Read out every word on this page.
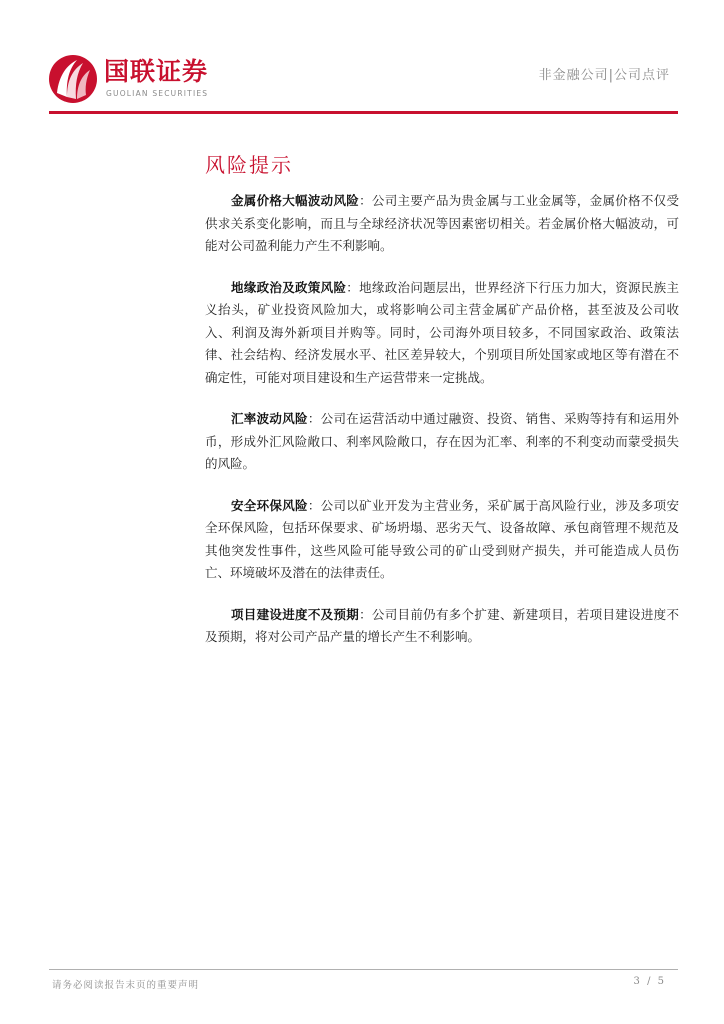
国联证券
GUOLIAN SECURITIES
非金融公司|公司点评
风险提示

金属价格大幅波动风险：公司主要产品为贵金属与工业金属等，金属价格不仅受供求关系变化影响，而且与全球经济状况等因素密切相关。若金属价格大幅波动，可能对公司盈利能力产生不利影响。

地缘政治及政策风险：地缘政治问题层出，世界经济下行压力加大，资源民族主义抬头，矿业投资风险加大，或将影响公司主营金属矿产品价格，甚至波及公司收入、利润及海外新项目并购等。同时，公司海外项目较多，不同国家政治、政策法律、社会结构、经济发展水平、社区差异较大，个别项目所处国家或地区等有潜在不确定性，可能对项目建设和生产运营带来一定挑战。

汇率波动风险：公司在运营活动中通过融资、投资、销售、采购等持有和运用外币，形成外汇风险敞口、利率风险敞口，存在因为汇率、利率的不利变动而蒙受损失的风险。

安全环保风险：公司以矿业开发为主营业务，采矿属于高风险行业，涉及多项安全环保风险，包括环保要求、矿场坍塌、恶劣天气、设备故障、承包商管理不规范及其他突发性事件，这些风险可能导致公司的矿山受到财产损失，并可能造成人员伤亡、环境破坏及潜在的法律责任。

项目建设进度不及预期：公司目前仍有多个扩建、新建项目，若项目建设进度不及预期，将对公司产品产量的增长产生不利影响。

请务必阅读报告末页的重要声明	3 / 5
